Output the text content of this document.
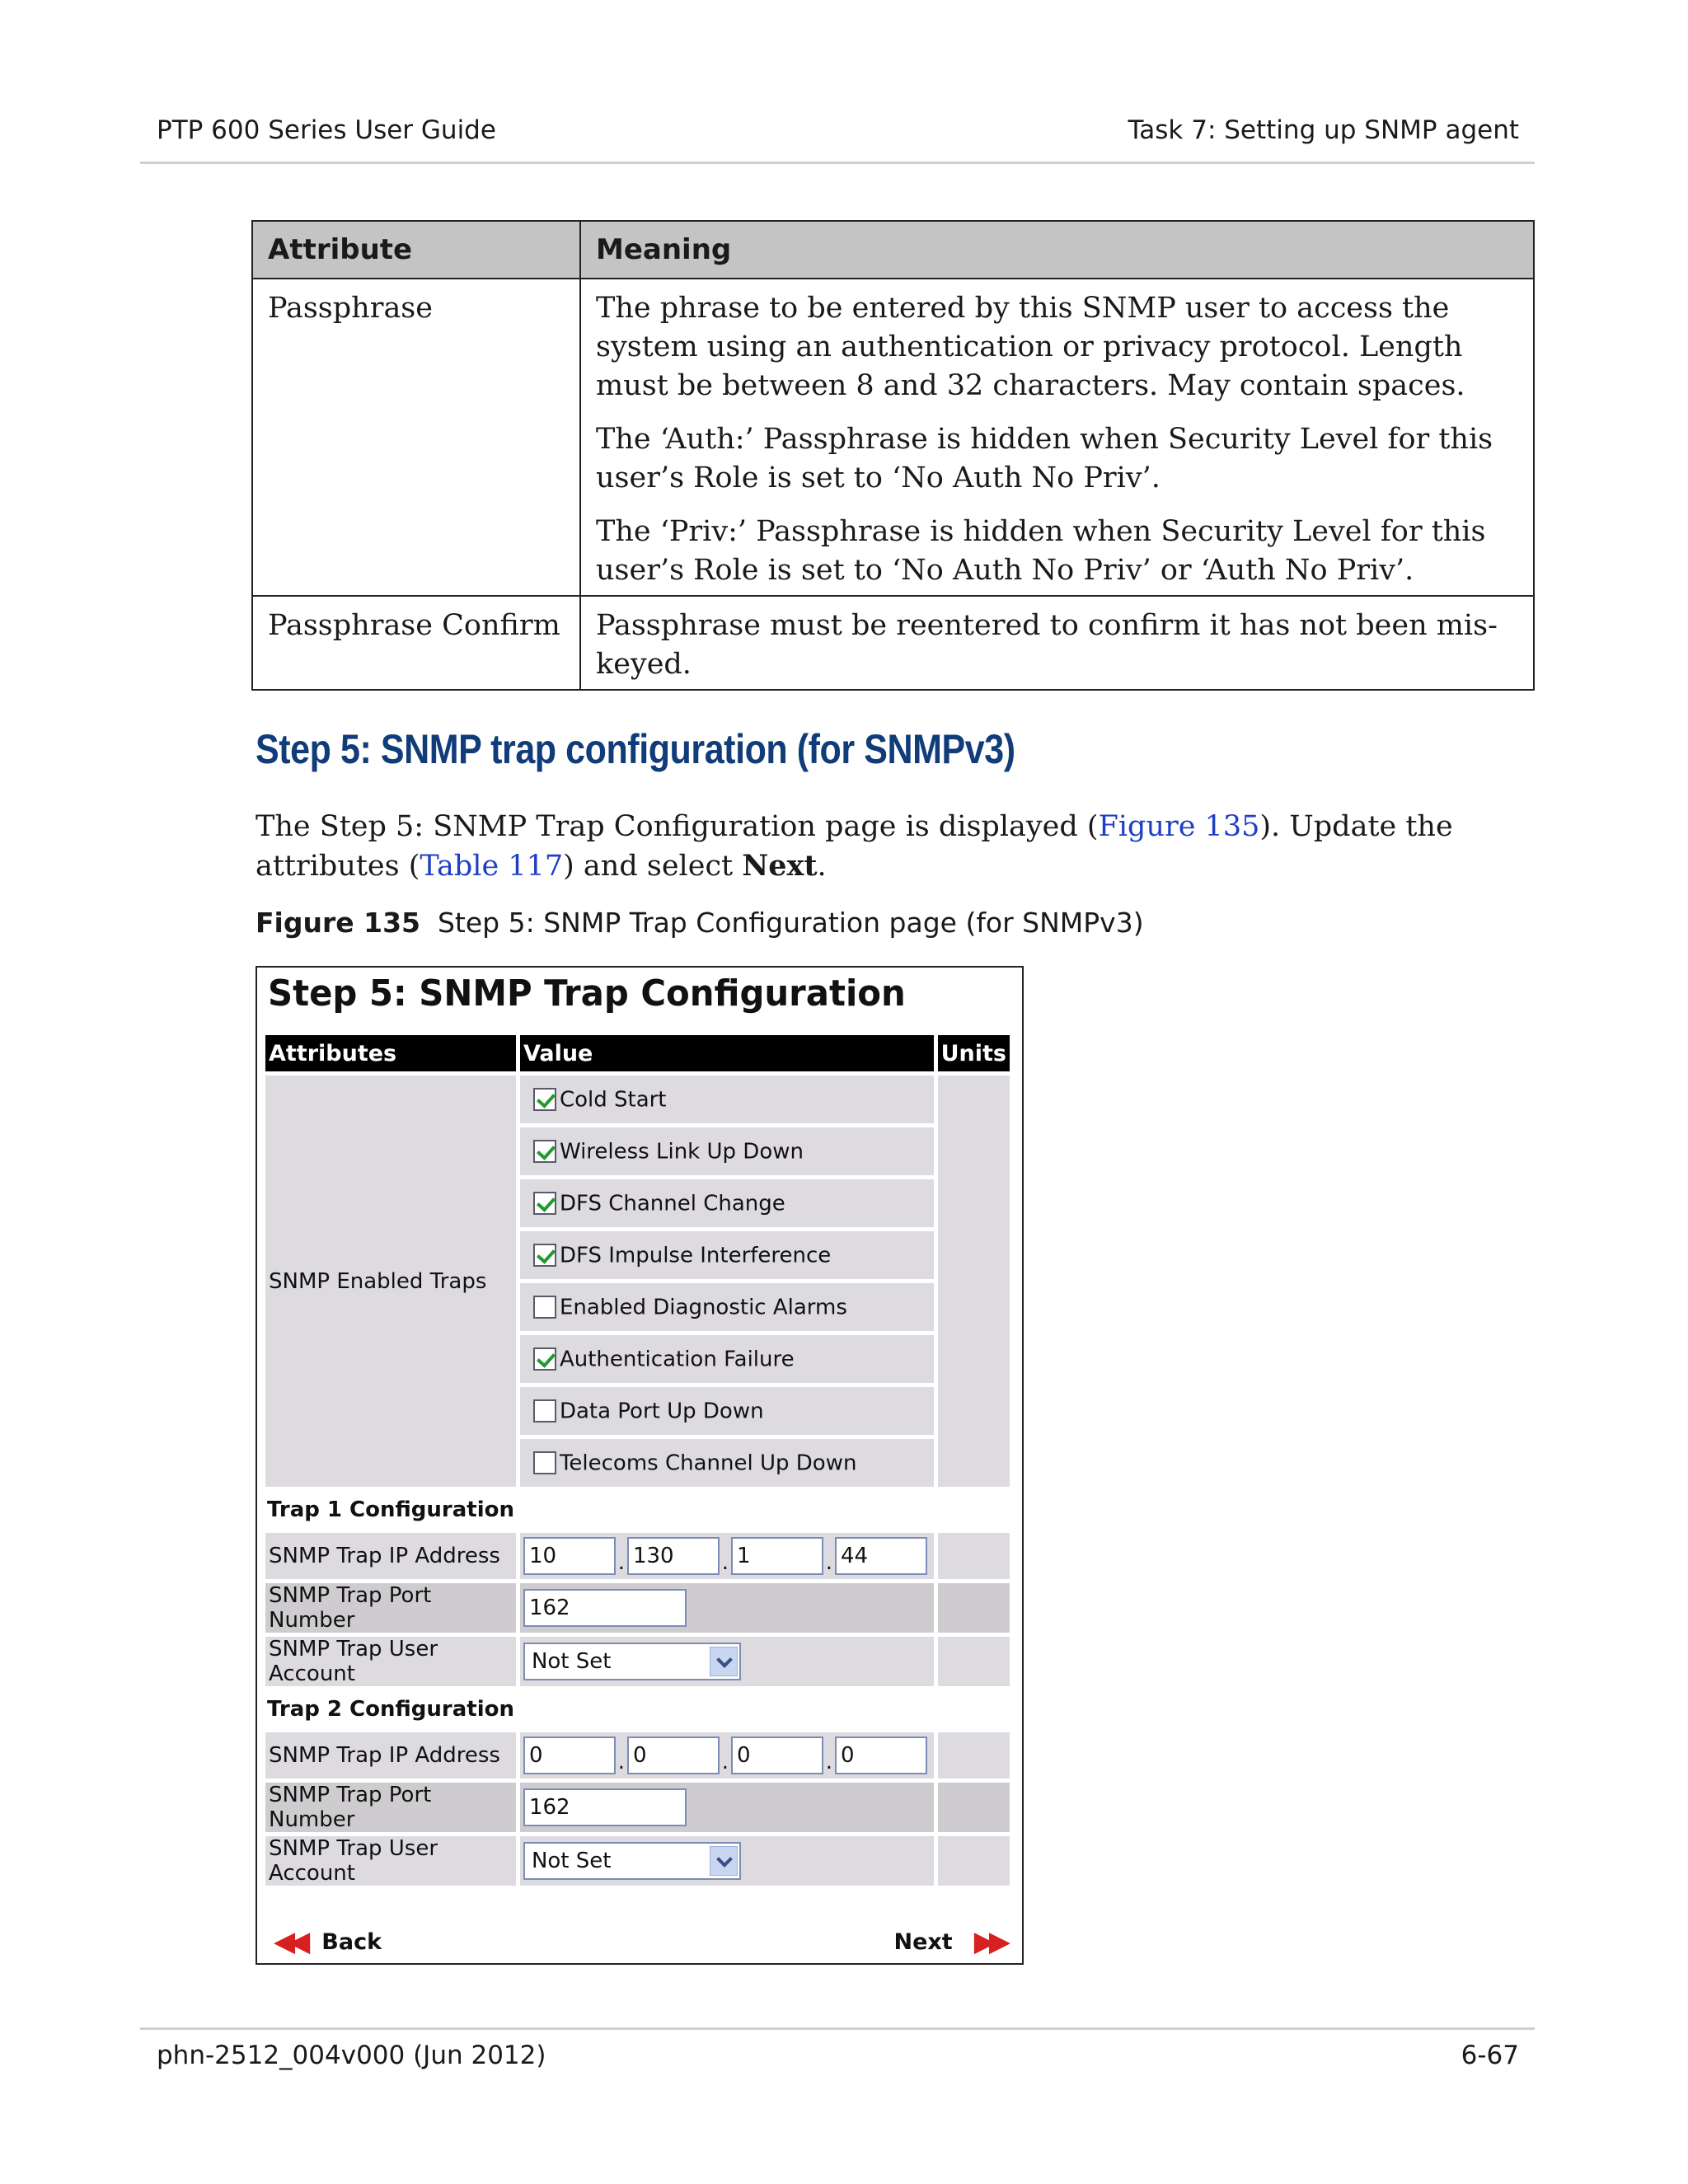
PTP 600 Series User Guide	Task 7: Setting up SNMP agent
Attribute	Meaning
Passphrase	The phrase to be entered by this SNMP user to access the system using an authentication or privacy protocol. Length must be between 8 and 32 characters. May contain spaces.

The ‘Auth:’ Passphrase is hidden when Security Level for this user’s Role is set to ‘No Auth No Priv’.

The ‘Priv:’ Passphrase is hidden when Security Level for this user’s Role is set to ‘No Auth No Priv’ or ‘Auth No Priv’.

Passphrase Confirm	Passphrase must be reentered to confirm it has not been mis-keyed.

Step 5: SNMP trap configuration (for SNMPv3)

The Step 5: SNMP Trap Configuration page is displayed (Figure 135). Update the attributes (Table 117) and select Next.

Figure 135 Step 5: SNMP Trap Configuration page (for SNMPv3)

Step 5: SNMP Trap Configuration
Attributes	Value	Units
SNMP Enabled Traps	Cold Start	
	Wireless Link Up Down	
	DFS Channel Change	
	DFS Impulse Interference	
	Enabled Diagnostic Alarms	
	Authentication Failure	
	Data Port Up Down	
	Telecoms Channel Up Down	
Trap 1 Configuration		
SNMP Trap IP Address	10 . 130 . 1 . 44	
SNMP Trap Port Number	162	
SNMP Trap User Account	Not Set

Trap 2 Configuration		
SNMP Trap IP Address	0 . 0 . 0 . 0	
SNMP Trap Port Number	162	
SNMP Trap User Account	Not Set

◀◀ Back	Next ▶▶
phn-2512_004v000 (Jun 2012)	6-67
